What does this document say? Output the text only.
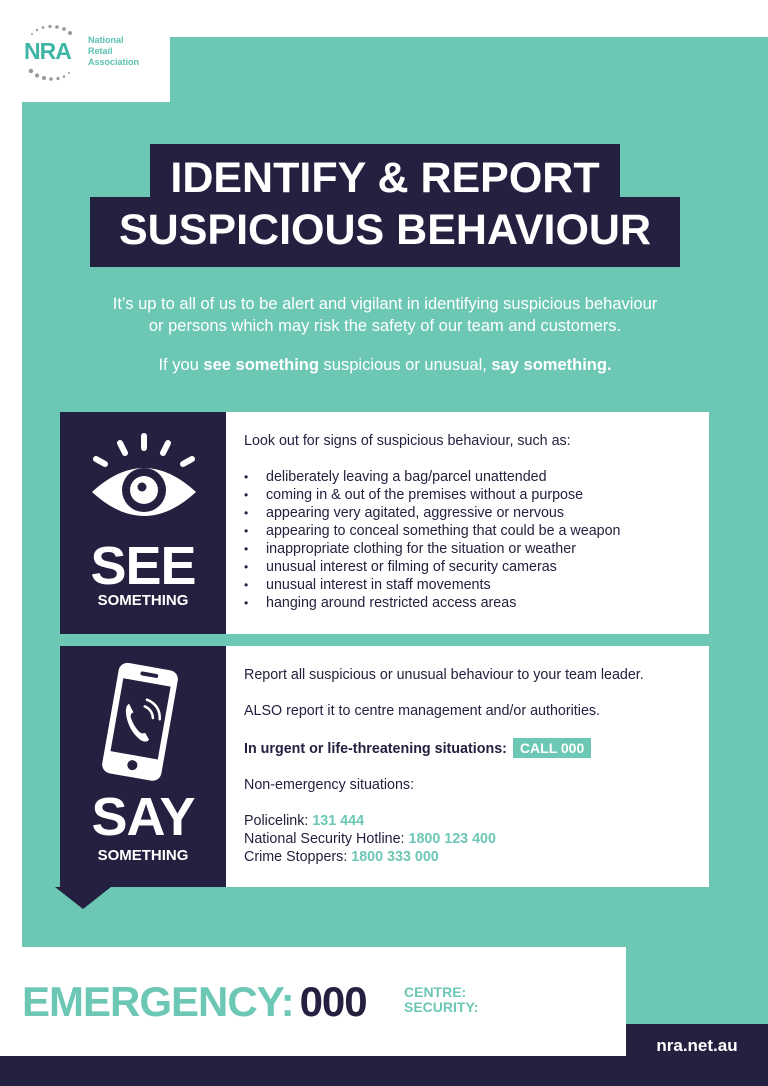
NRA National
Retail
Association
IDENTIFY & REPORT
SUSPICIOUS BEHAVIOUR
It’s up to all of us to be alert and vigilant in identifying suspicious behaviour
or persons which may risk the safety of our team and customers.
If you see something suspicious or unusual, say something.
SEE
SOMETHING

Look out for signs of suspicious behaviour, such as:

• deliberately leaving a bag/parcel unattended
• coming in & out of the premises without a purpose
• appearing very agitated, aggressive or nervous
• appearing to conceal something that could be a weapon
• inappropriate clothing for the situation or weather
• unusual interest or filming of security cameras
• unusual interest in staff movements
• hanging around restricted access areas
SAY
SOMETHING

Report all suspicious or unusual behaviour to your team leader.

ALSO report it to centre management and/or authorities.

In urgent or life-threatening situations: CALL 000

Non-emergency situations:

Policelink: 131 444

National Security Hotline: 1800 123 400

Crime Stoppers: 1800 333 000

EMERGENCY: 000	CENTRE:
SECURITY:
nra.net.au
